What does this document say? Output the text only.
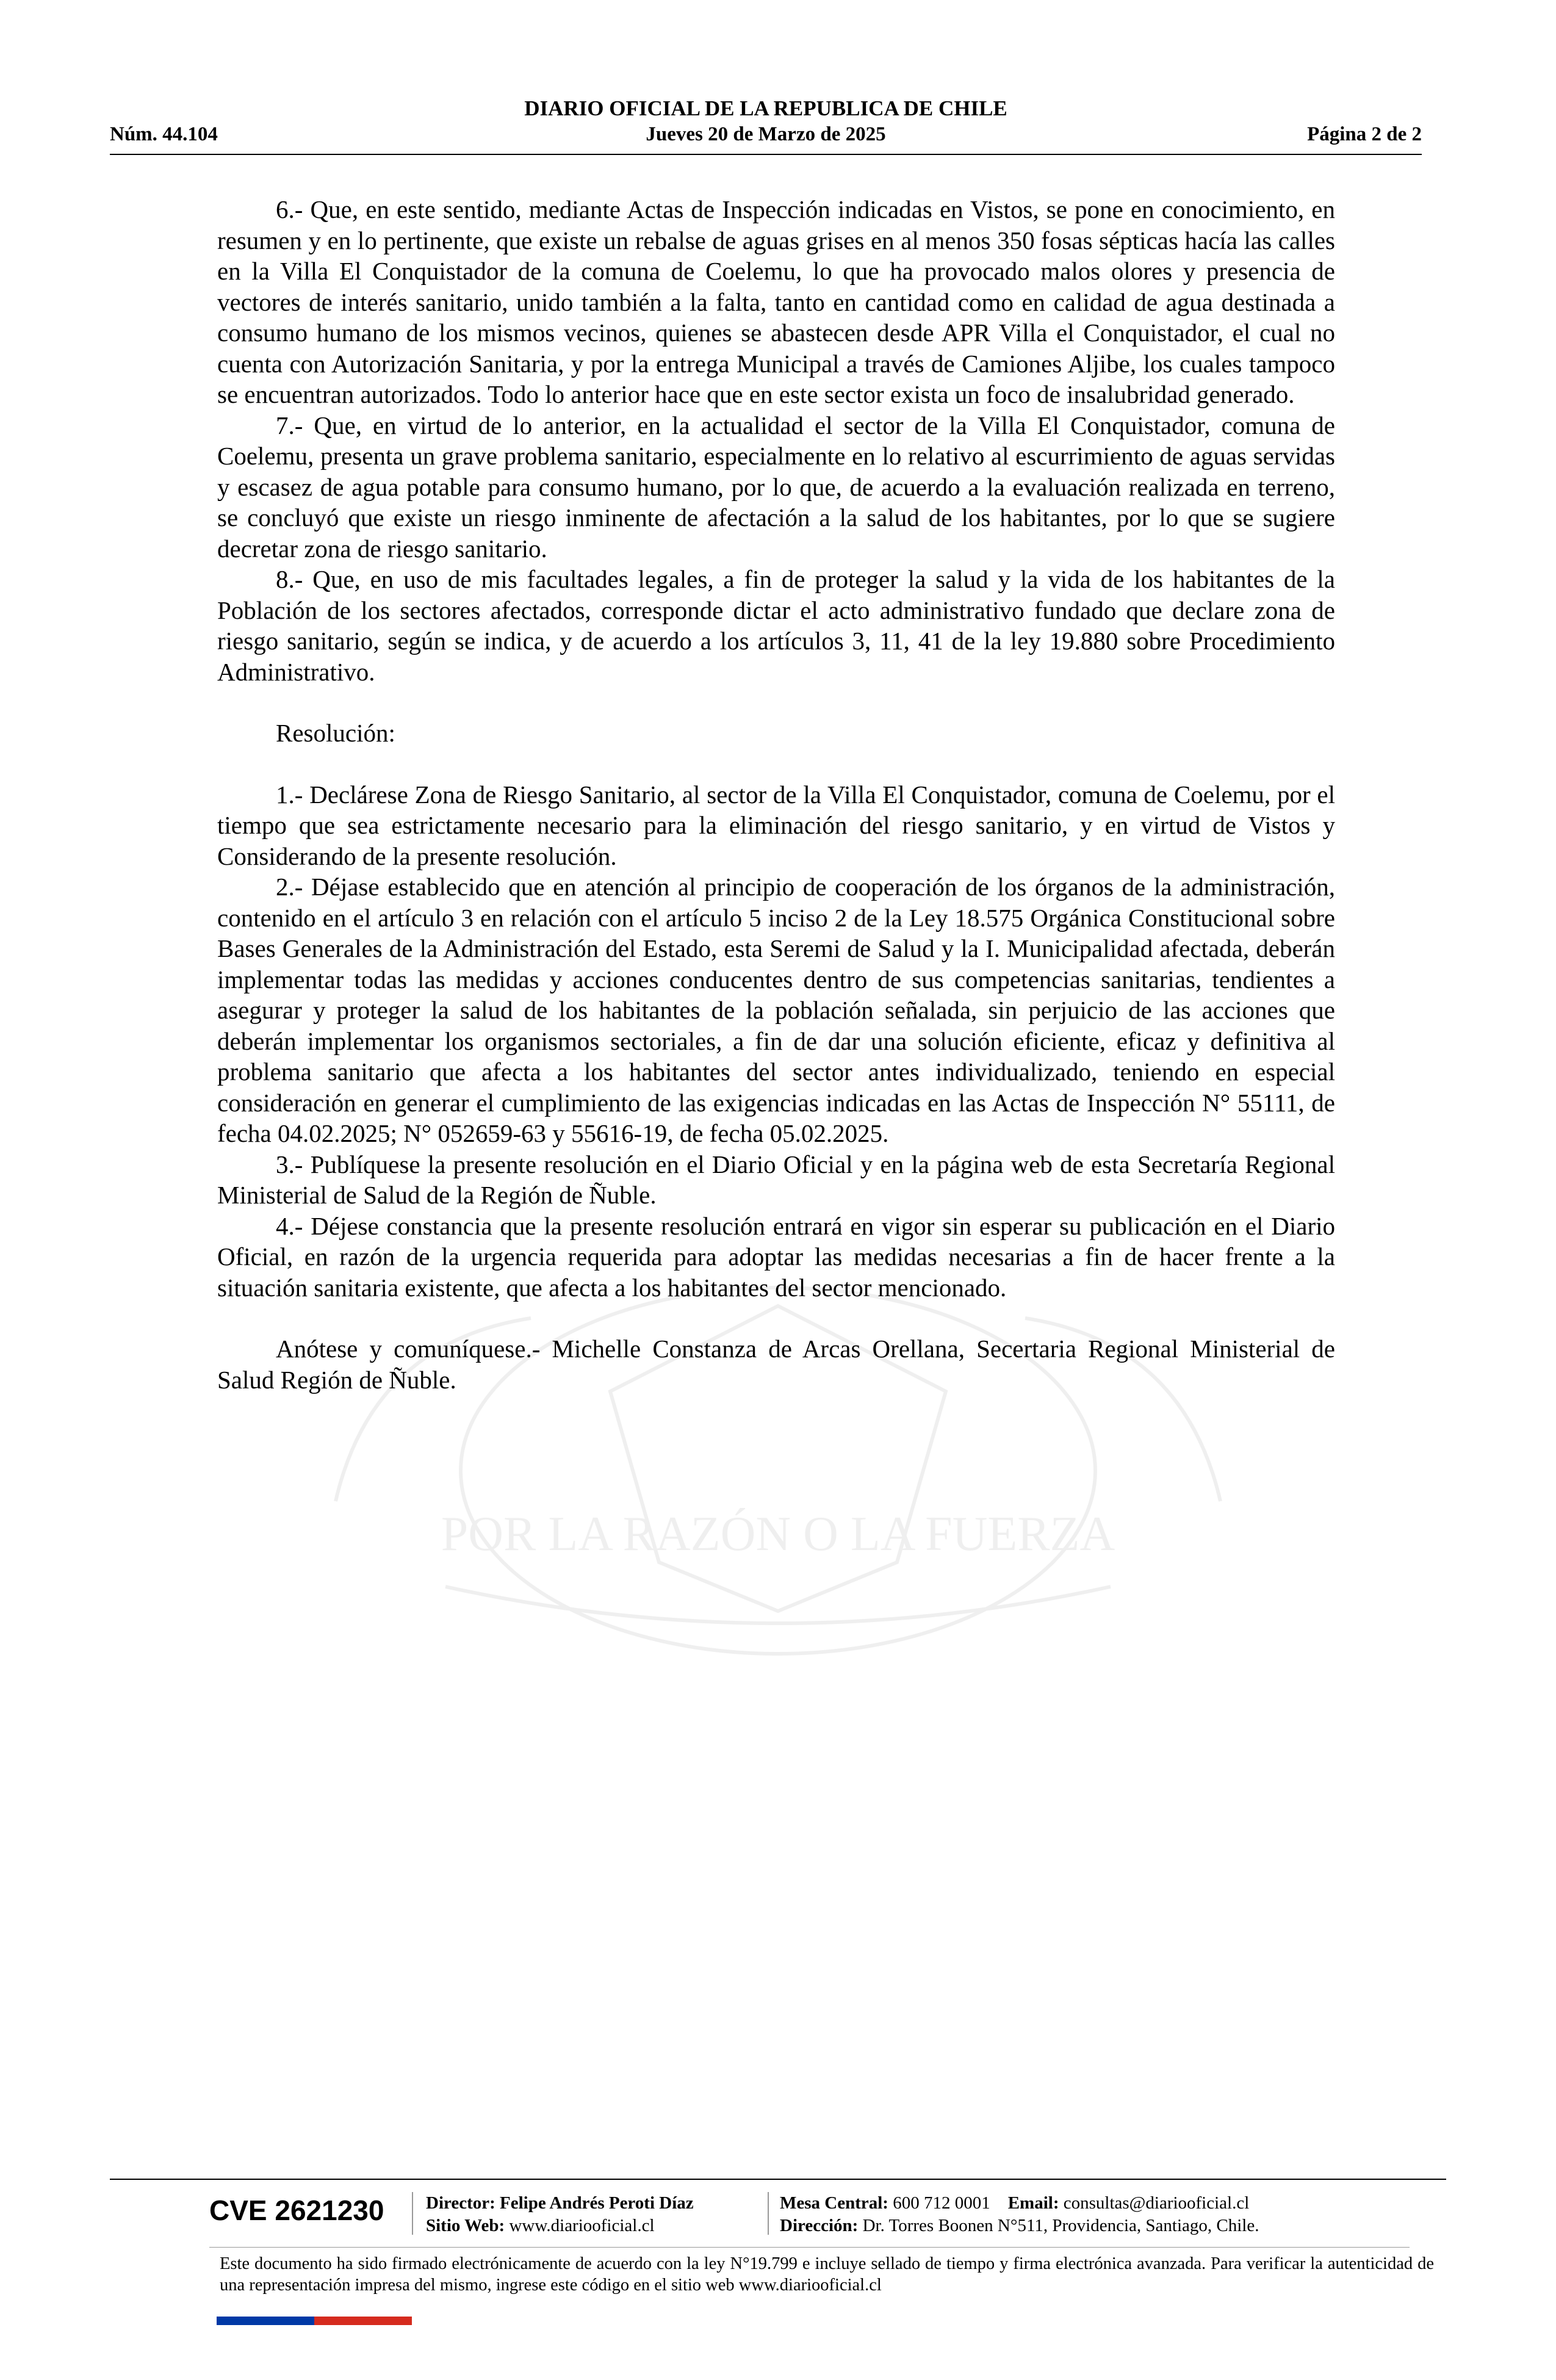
DIARIO OFICIAL DE LA REPUBLICA DE CHILE
Núm. 44.104	Jueves 20 de Marzo de 2025	Página 2 de 2
POR LA RAZÓN O LA FUERZA

6.- Que, en este sentido, mediante Actas de Inspección indicadas en Vistos, se pone en conocimiento, en resumen y en lo pertinente, que existe un rebalse de aguas grises en al menos 350 fosas sépticas hacía las calles en la Villa El Conquistador de la comuna de Coelemu, lo que ha provocado malos olores y presencia de vectores de interés sanitario, unido también a la falta, tanto en cantidad como en calidad de agua destinada a consumo humano de los mismos vecinos, quienes se abastecen desde APR Villa el Conquistador, el cual no cuenta con Autorización Sanitaria, y por la entrega Municipal a través de Camiones Aljibe, los cuales tampoco se encuentran autorizados. Todo lo anterior hace que en este sector exista un foco de insalubridad generado.

7.- Que, en virtud de lo anterior, en la actualidad el sector de la Villa El Conquistador, comuna de Coelemu, presenta un grave problema sanitario, especialmente en lo relativo al escurrimiento de aguas servidas y escasez de agua potable para consumo humano, por lo que, de acuerdo a la evaluación realizada en terreno, se concluyó que existe un riesgo inminente de afectación a la salud de los habitantes, por lo que se sugiere decretar zona de riesgo sanitario.

8.- Que, en uso de mis facultades legales, a fin de proteger la salud y la vida de los habitantes de la Población de los sectores afectados, corresponde dictar el acto administrativo fundado que declare zona de riesgo sanitario, según se indica, y de acuerdo a los artículos 3, 11, 41 de la ley 19.880 sobre Procedimiento Administrativo.

Resolución:

1.- Declárese Zona de Riesgo Sanitario, al sector de la Villa El Conquistador, comuna de Coelemu, por el tiempo que sea estrictamente necesario para la eliminación del riesgo sanitario, y en virtud de Vistos y Considerando de la presente resolución.

2.- Déjase establecido que en atención al principio de cooperación de los órganos de la administración, contenido en el artículo 3 en relación con el artículo 5 inciso 2 de la Ley 18.575 Orgánica Constitucional sobre Bases Generales de la Administración del Estado, esta Seremi de Salud y la I. Municipalidad afectada, deberán implementar todas las medidas y acciones conducentes dentro de sus competencias sanitarias, tendientes a asegurar y proteger la salud de los habitantes de la población señalada, sin perjuicio de las acciones que deberán implementar los organismos sectoriales, a fin de dar una solución eficiente, eficaz y definitiva al problema sanitario que afecta a los habitantes del sector antes individualizado, teniendo en especial consideración en generar el cumplimiento de las exigencias indicadas en las Actas de Inspección N° 55111, de fecha 04.02.2025; N° 052659-63 y 55616-19, de fecha 05.02.2025.

3.- Publíquese la presente resolución en el Diario Oficial y en la página web de esta Secretaría Regional Ministerial de Salud de la Región de Ñuble.

4.- Déjese constancia que la presente resolución entrará en vigor sin esperar su publicación en el Diario Oficial, en razón de la urgencia requerida para adoptar las medidas necesarias a fin de hacer frente a la situación sanitaria existente, que afecta a los habitantes del sector mencionado.

Anótese y comuníquese.- Michelle Constanza de Arcas Orellana, Secertaria Regional Ministerial de Salud Región de Ñuble.

CVE 2621230 Director: Felipe Andrés Peroti Díaz
Sitio Web: www.diariooficial.cl
Mesa Central: 600 712 0001 Email: consultas@diariooficial.cl
Dirección: Dr. Torres Boonen N°511, Providencia, Santiago, Chile.
Este documento ha sido firmado electrónicamente de acuerdo con la ley N°19.799 e incluye sellado de tiempo y firma electrónica avanzada. Para verificar la autenticidad de una representación impresa del mismo, ingrese este código en el sitio web www.diariooficial.cl
